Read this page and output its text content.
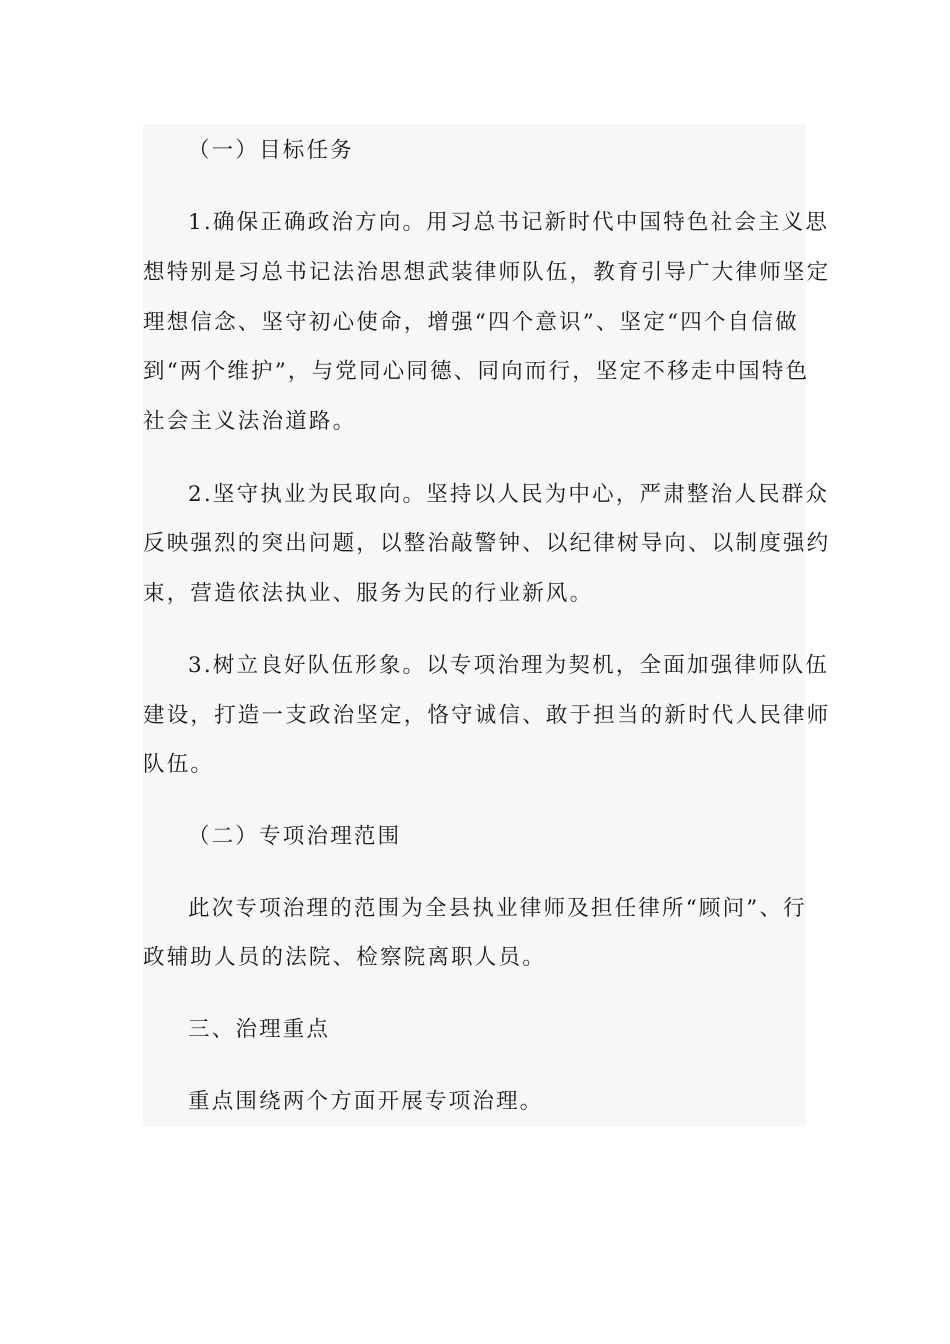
（一）目标任务
1.确保正确政治方向。用习总书记新时代中国特色社会主义思
想特别是习总书记法治思想武装律师队伍，教育引导广大律师坚定
理想信念、坚守初心使命，增强“四个意识”、坚定“四个自信做
到“两个维护”，与党同心同德、同向而行，坚定不移走中国特色
社会主义法治道路。
2.坚守执业为民取向。坚持以人民为中心，严肃整治人民群众
反映强烈的突出问题，以整治敲警钟、以纪律树导向、以制度强约
束，营造依法执业、服务为民的行业新风。
3.树立良好队伍形象。以专项治理为契机，全面加强律师队伍
建设，打造一支政治坚定，恪守诚信、敢于担当的新时代人民律师
队伍。
（二）专项治理范围
此次专项治理的范围为全县执业律师及担任律所“顾问”、行
政辅助人员的法院、检察院离职人员。
三、治理重点
重点围绕两个方面开展专项治理。
